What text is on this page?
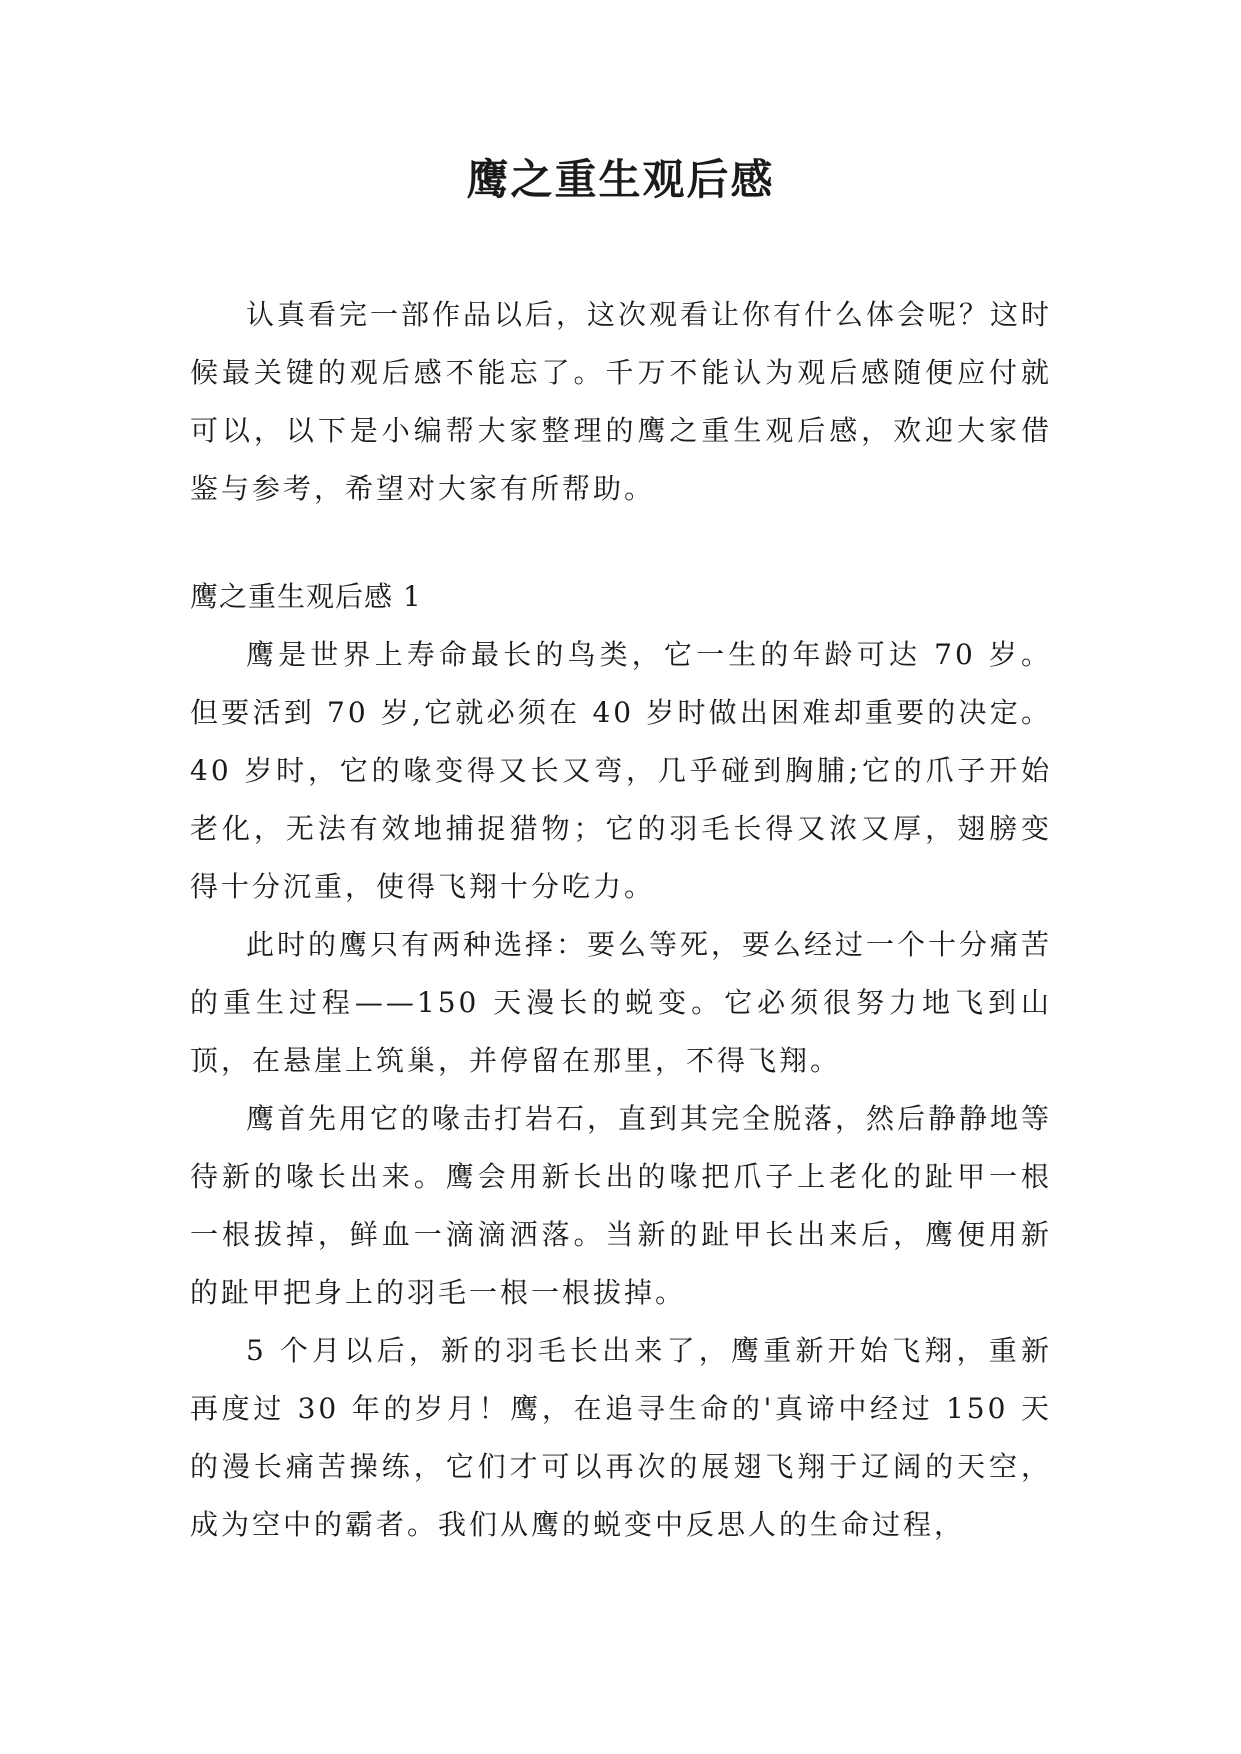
鹰之重生观后感

认真看完一部作品以后，这次观看让你有什么体会呢？这时候最关键的观后感不能忘了。千万不能认为观后感随便应付就可以，以下是小编帮大家整理的鹰之重生观后感，欢迎大家借鉴与参考，希望对大家有所帮助。

鹰之重生观后感 1

鹰是世界上寿命最长的鸟类，它一生的年龄可达 70 岁。但要活到 70 岁,它就必须在 40 岁时做出困难却重要的决定。40 岁时，它的喙变得又长又弯，几乎碰到胸脯;它的爪子开始老化，无法有效地捕捉猎物；它的羽毛长得又浓又厚，翅膀变得十分沉重，使得飞翔十分吃力。

此时的鹰只有两种选择：要么等死，要么经过一个十分痛苦的重生过程——150 天漫长的蜕变。它必须很努力地飞到山顶，在悬崖上筑巢，并停留在那里，不得飞翔。

鹰首先用它的喙击打岩石，直到其完全脱落，然后静静地等待新的喙长出来。鹰会用新长出的喙把爪子上老化的趾甲一根一根拔掉，鲜血一滴滴洒落。当新的趾甲长出来后，鹰便用新的趾甲把身上的羽毛一根一根拔掉。

5 个月以后，新的羽毛长出来了，鹰重新开始飞翔，重新再度过 30 年的岁月！鹰，在追寻生命的'真谛中经过 150 天的漫长痛苦操练，它们才可以再次的展翅飞翔于辽阔的天空，成为空中的霸者。我们从鹰的蜕变中反思人的生命过程，
